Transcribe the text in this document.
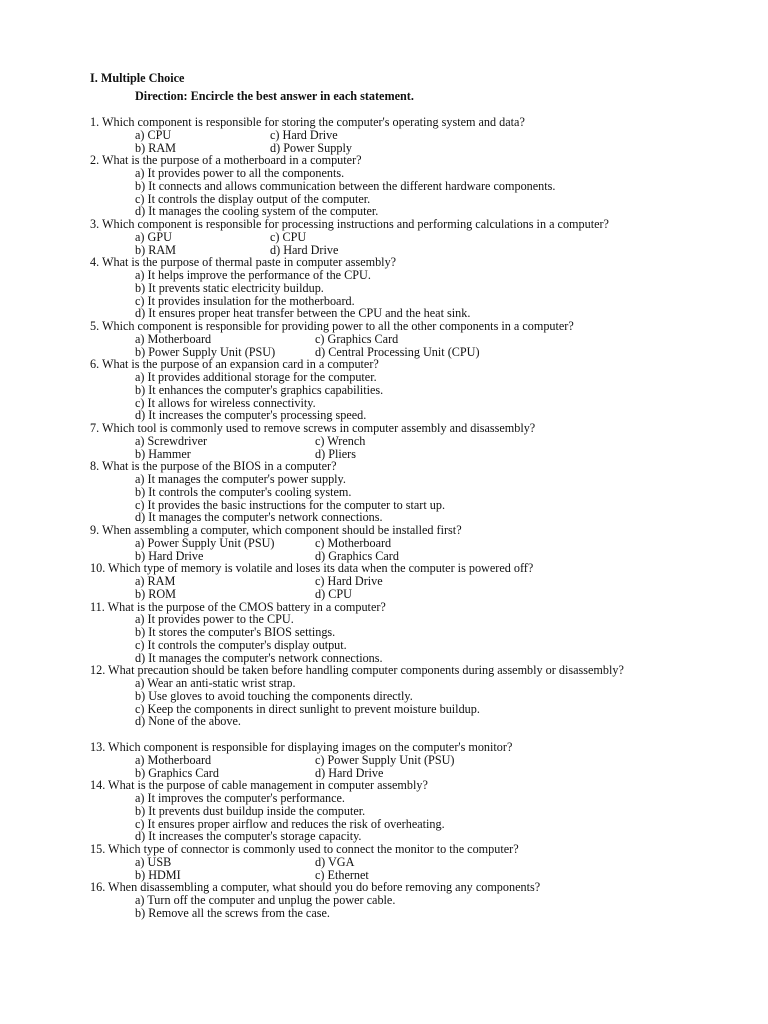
I. Multiple Choice

Direction: Encircle the best answer in each statement.

1. Which component is responsible for storing the computer's operating system and data?

a) CPU	c) Hard Drive
b) RAM	d) Power Supply

2. What is the purpose of a motherboard in a computer?

a) It provides power to all the components.
b) It connects and allows communication between the different hardware components.
c) It controls the display output of the computer.
d) It manages the cooling system of the computer.

3. Which component is responsible for processing instructions and performing calculations in a computer?

a) GPU	c) CPU
b) RAM	d) Hard Drive

4. What is the purpose of thermal paste in computer assembly?

a) It helps improve the performance of the CPU.
b) It prevents static electricity buildup.
c) It provides insulation for the motherboard.
d) It ensures proper heat transfer between the CPU and the heat sink.

5. Which component is responsible for providing power to all the other components in a computer?

a) Motherboard	c) Graphics Card
b) Power Supply Unit (PSU)	d) Central Processing Unit (CPU)

6. What is the purpose of an expansion card in a computer?

a) It provides additional storage for the computer.
b) It enhances the computer's graphics capabilities.
c) It allows for wireless connectivity.
d) It increases the computer's processing speed.

7. Which tool is commonly used to remove screws in computer assembly and disassembly?

a) Screwdriver	c) Wrench
b) Hammer	d) Pliers

8. What is the purpose of the BIOS in a computer?

a) It manages the computer's power supply.
b) It controls the computer's cooling system.
c) It provides the basic instructions for the computer to start up.
d) It manages the computer's network connections.

9. When assembling a computer, which component should be installed first?

a) Power Supply Unit (PSU)	c) Motherboard
b) Hard Drive	d) Graphics Card

10. Which type of memory is volatile and loses its data when the computer is powered off?

a) RAM	c) Hard Drive
b) ROM	d) CPU

11. What is the purpose of the CMOS battery in a computer?

a) It provides power to the CPU.
b) It stores the computer's BIOS settings.
c) It controls the computer's display output.
d) It manages the computer's network connections.

12. What precaution should be taken before handling computer components during assembly or disassembly?

a) Wear an anti-static wrist strap.
b) Use gloves to avoid touching the components directly.
c) Keep the components in direct sunlight to prevent moisture buildup.
d) None of the above.

13. Which component is responsible for displaying images on the computer's monitor?

a) Motherboard	c) Power Supply Unit (PSU)
b) Graphics Card	d) Hard Drive

14. What is the purpose of cable management in computer assembly?

a) It improves the computer's performance.
b) It prevents dust buildup inside the computer.
c) It ensures proper airflow and reduces the risk of overheating.
d) It increases the computer's storage capacity.

15. Which type of connector is commonly used to connect the monitor to the computer?

a) USB	d) VGA
b) HDMI	c) Ethernet

16. When disassembling a computer, what should you do before removing any components?

a) Turn off the computer and unplug the power cable.
b) Remove all the screws from the case.
